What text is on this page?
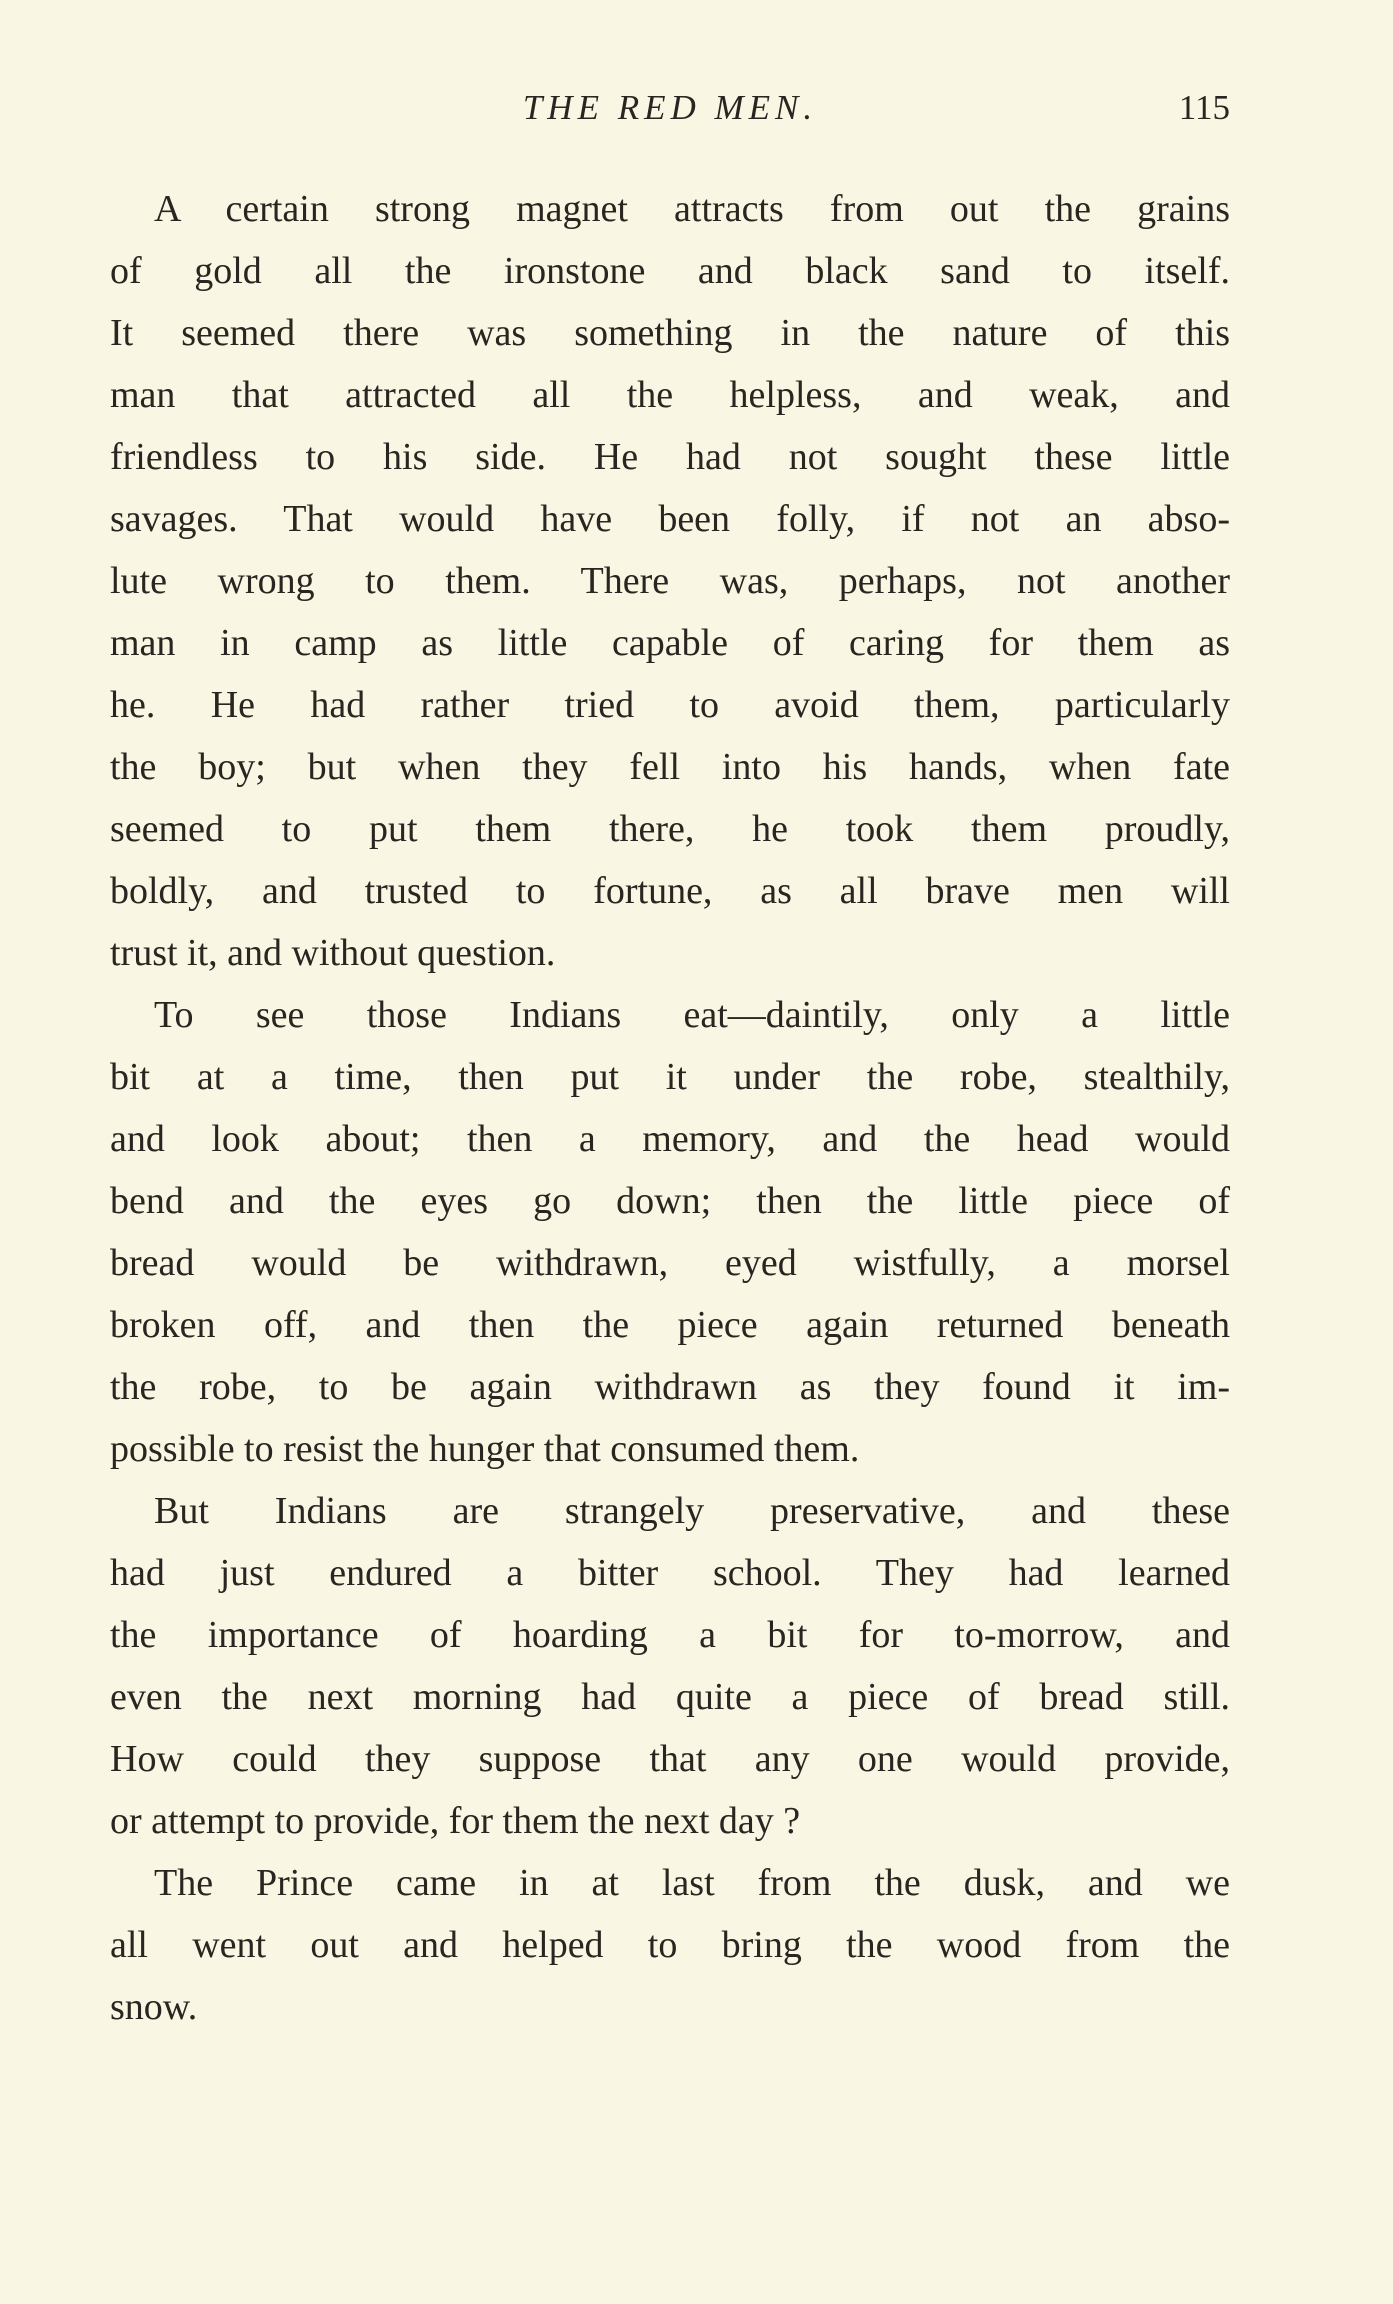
THE RED MEN.	115
A certain strong magnet attracts from out the grains
of gold all the ironstone and black sand to itself.
It seemed there was something in the nature of this
man that attracted all the helpless, and weak, and
friendless to his side. He had not sought these little
savages. That would have been folly, if not an abso-
lute wrong to them. There was, perhaps, not another
man in camp as little capable of caring for them as
he. He had rather tried to avoid them, particularly
the boy; but when they fell into his hands, when fate
seemed to put them there, he took them proudly,
boldly, and trusted to fortune, as all brave men will
trust it, and without question.
To see those Indians eat—daintily, only a little
bit at a time, then put it under the robe, stealthily,
and look about; then a memory, and the head would
bend and the eyes go down; then the little piece of
bread would be withdrawn, eyed wistfully, a morsel
broken off, and then the piece again returned beneath
the robe, to be again withdrawn as they found it im-
possible to resist the hunger that consumed them.
But Indians are strangely preservative, and these
had just endured a bitter school. They had learned
the importance of hoarding a bit for to-morrow, and
even the next morning had quite a piece of bread still.
How could they suppose that any one would provide,
or attempt to provide, for them the next day ?
The Prince came in at last from the dusk, and we
all went out and helped to bring the wood from the
snow.
